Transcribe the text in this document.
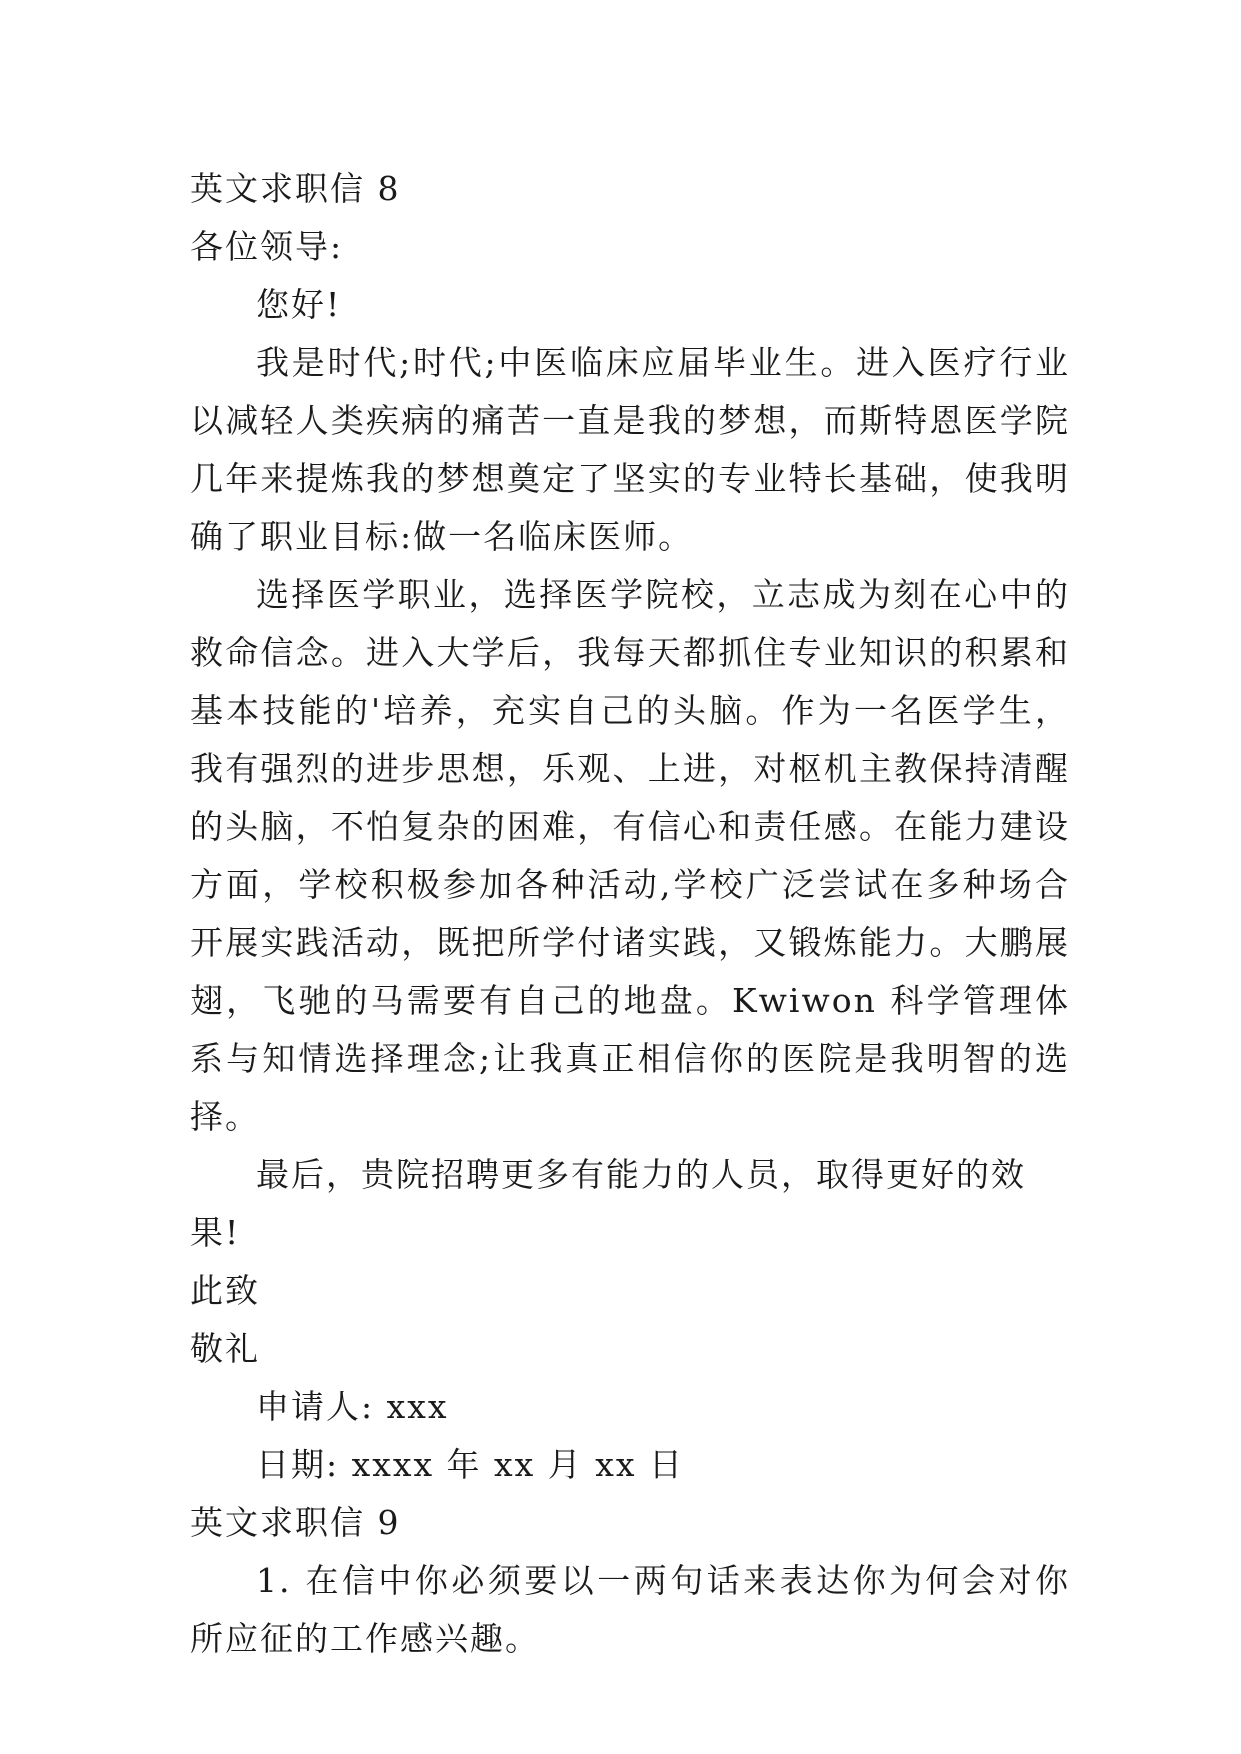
英文求职信 8

各位领导:

您好!

我是时代;时代;中医临床应届毕业生。进入医疗行业以减轻人类疾病的痛苦一直是我的梦想，而斯特恩医学院几年来提炼我的梦想奠定了坚实的专业特长基础，使我明确了职业目标:做一名临床医师。

选择医学职业，选择医学院校，立志成为刻在心中的救命信念。进入大学后，我每天都抓住专业知识的积累和基本技能的'培养，充实自己的头脑。作为一名医学生，我有强烈的进步思想，乐观、上进，对枢机主教保持清醒的头脑，不怕复杂的困难，有信心和责任感。在能力建设方面，学校积极参加各种活动,学校广泛尝试在多种场合开展实践活动，既把所学付诸实践，又锻炼能力。大鹏展翅，飞驰的马需要有自己的地盘。Kwiwon 科学管理体系与知情选择理念;让我真正相信你的医院是我明智的选择。

最后，贵院招聘更多有能力的人员，取得更好的效果!

此致

敬礼

申请人: xxx

日期: xxxx 年 xx 月 xx 日

英文求职信 9

1. 在信中你必须要以一两句话来表达你为何会对你所应征的工作感兴趣。
